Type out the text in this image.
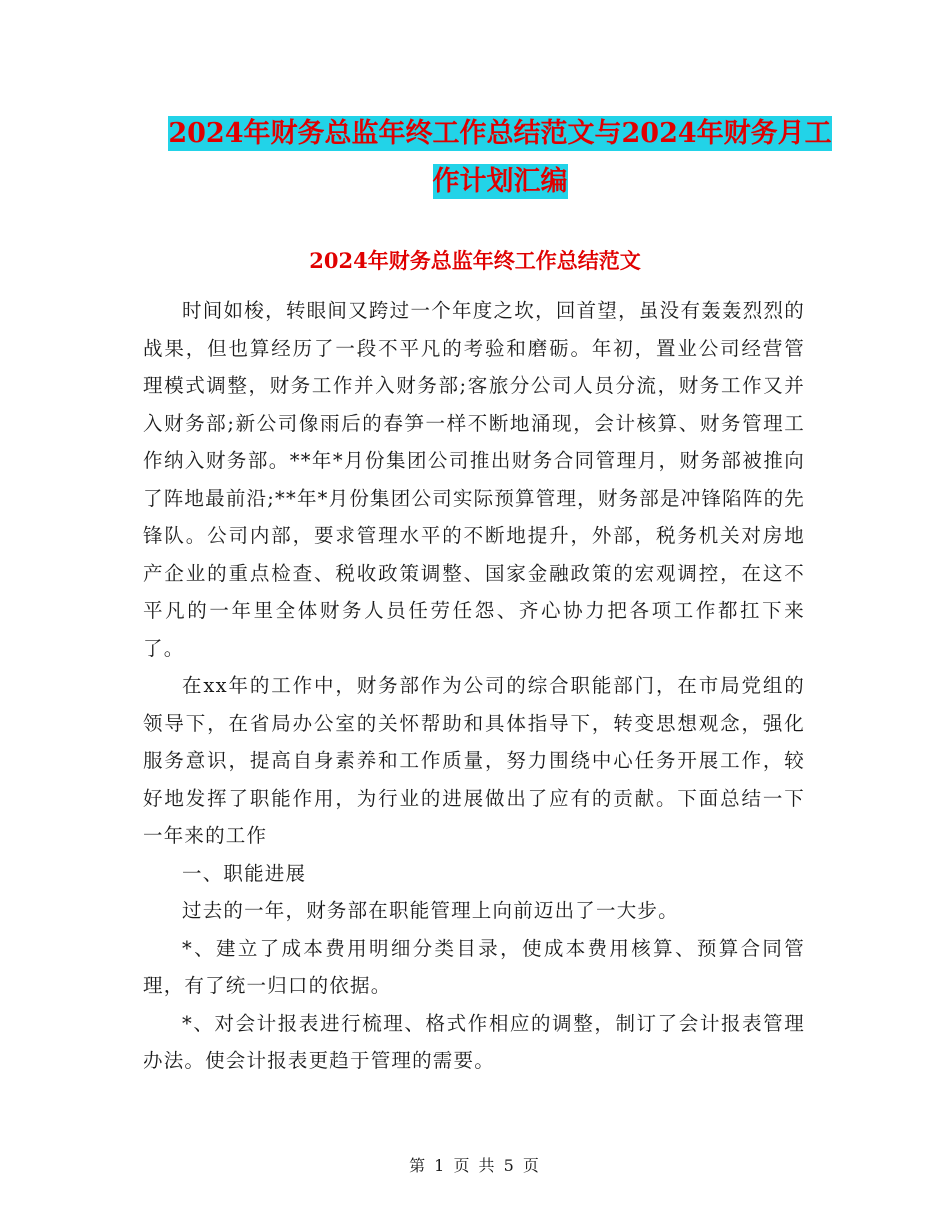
2024年财务总监年终工作总结范文与2024年财务月工
作计划汇编
2024年财务总监年终工作总结范文

时间如梭，转眼间又跨过一个年度之坎，回首望，虽没有轰轰烈烈的战果，但也算经历了一段不平凡的考验和磨砺。年初，置业公司经营管理模式调整，财务工作并入财务部;客旅分公司人员分流，财务工作又并入财务部;新公司像雨后的春笋一样不断地涌现，会计核算、财务管理工作纳入财务部。**年*月份集团公司推出财务合同管理月，财务部被推向了阵地最前沿;**年*月份集团公司实际预算管理，财务部是冲锋陷阵的先锋队。公司内部，要求管理水平的不断地提升，外部，税务机关对房地产企业的重点检查、税收政策调整、国家金融政策的宏观调控，在这不平凡的一年里全体财务人员任劳任怨、齐心协力把各项工作都扛下来了。

在xx年的工作中，财务部作为公司的综合职能部门，在市局党组的领导下，在省局办公室的关怀帮助和具体指导下，转变思想观念，强化服务意识，提高自身素养和工作质量，努力围绕中心任务开展工作，较好地发挥了职能作用，为行业的进展做出了应有的贡献。下面总结一下一年来的工作

一、职能进展

过去的一年，财务部在职能管理上向前迈出了一大步。

*、建立了成本费用明细分类目录，使成本费用核算、预算合同管理，有了统一归口的依据。

*、对会计报表进行梳理、格式作相应的调整，制订了会计报表管理办法。使会计报表更趋于管理的需要。

第 1 页 共 5 页
